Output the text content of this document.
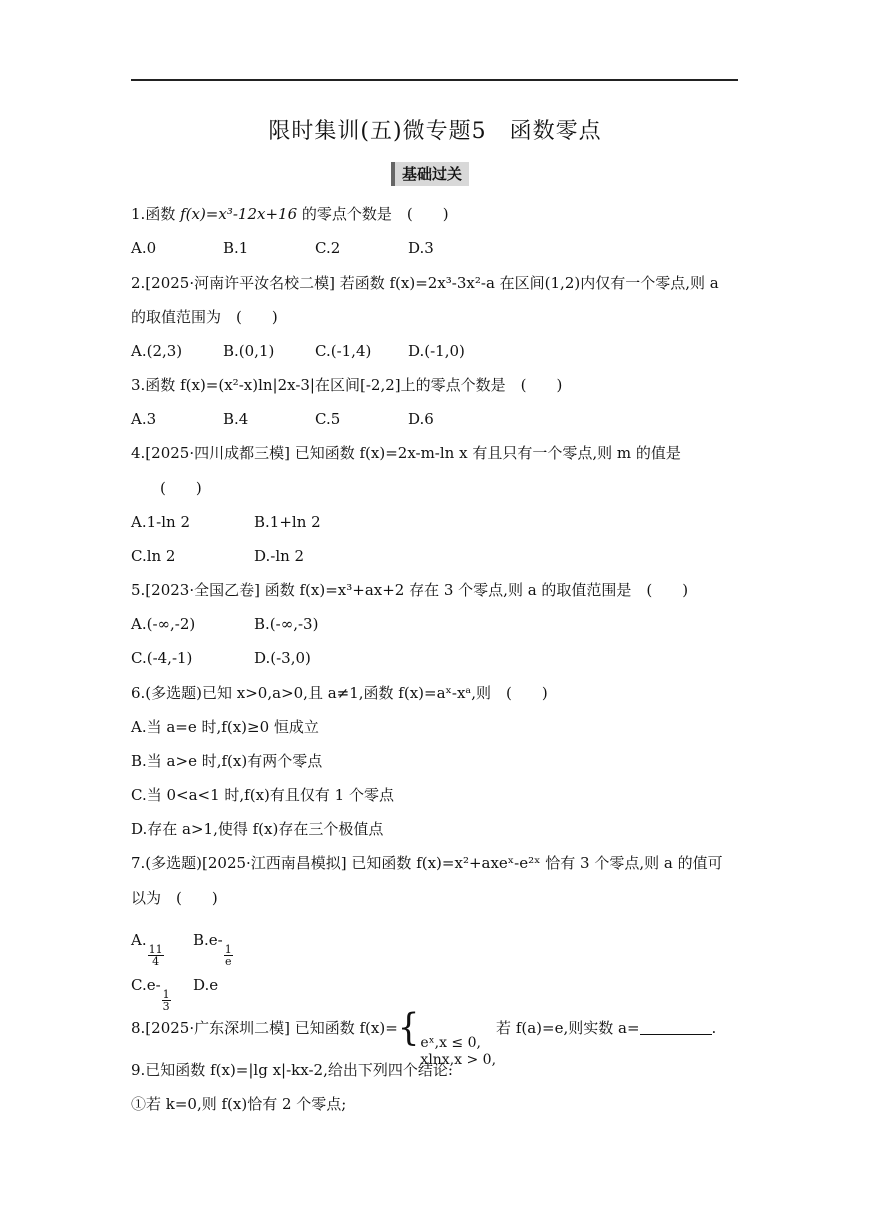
限时集训(五)微专题5　函数零点
基础过关
1.函数 f(x)=x³-12x+16 的零点个数是　(　　)
A.0	B.1	C.2	D.3
2.[2025·河南许平汝名校二模] 若函数 f(x)=2x³-3x²-a 在区间(1,2)内仅有一个零点,则 a
的取值范围为　(　　)
A.(2,3)	B.(0,1)	C.(-1,4) D.(-1,0)
3.函数 f(x)=(x²-x)ln|2x-3|在区间[-2,2]上的零点个数是　(　　)
A.3	B.4	C.5	D.6
4.[2025·四川成都三模] 已知函数 f(x)=2x-m-ln x 有且只有一个零点,则 m 的值是
(　　)
A.1-ln 2	B.1+ln 2
C.ln 2	D.-ln 2
5.[2023·全国乙卷] 函数 f(x)=x³+ax+2 存在 3 个零点,则 a 的取值范围是　(　　)
A.(-∞,-2)	B.(-∞,-3)
C.(-4,-1)	D.(-3,0)
6.(多选题)已知 x>0,a>0,且 a≠1,函数 f(x)=aˣ-xᵃ,则　(　　)
A.当 a=e 时,f(x)≥0 恒成立
B.当 a>e 时,f(x)有两个零点
C.当 0<a<1 时,f(x)有且仅有 1 个零点
D.存在 a>1,使得 f(x)存在三个极值点
7.(多选题)[2025·江西南昌模拟] 已知函数 f(x)=x²+axeˣ-e²ˣ 恰有 3 个零点,则 a 的值可
以为　(　　)
A.
$\frac{11}{4}$
B.e-
$\frac{1}{e}$
C.e-
$\frac{1}{3}$
D.e
8.[2025·广东深圳二模] 已知函数 f(x)={ eˣ,x ≤ 0,
xlnx,x > 0,
若 f(a)=e,则实数 a=	.
9.已知函数 f(x)=|lg x|-kx-2,给出下列四个结论:
①若 k=0,则 f(x)恰有 2 个零点;
